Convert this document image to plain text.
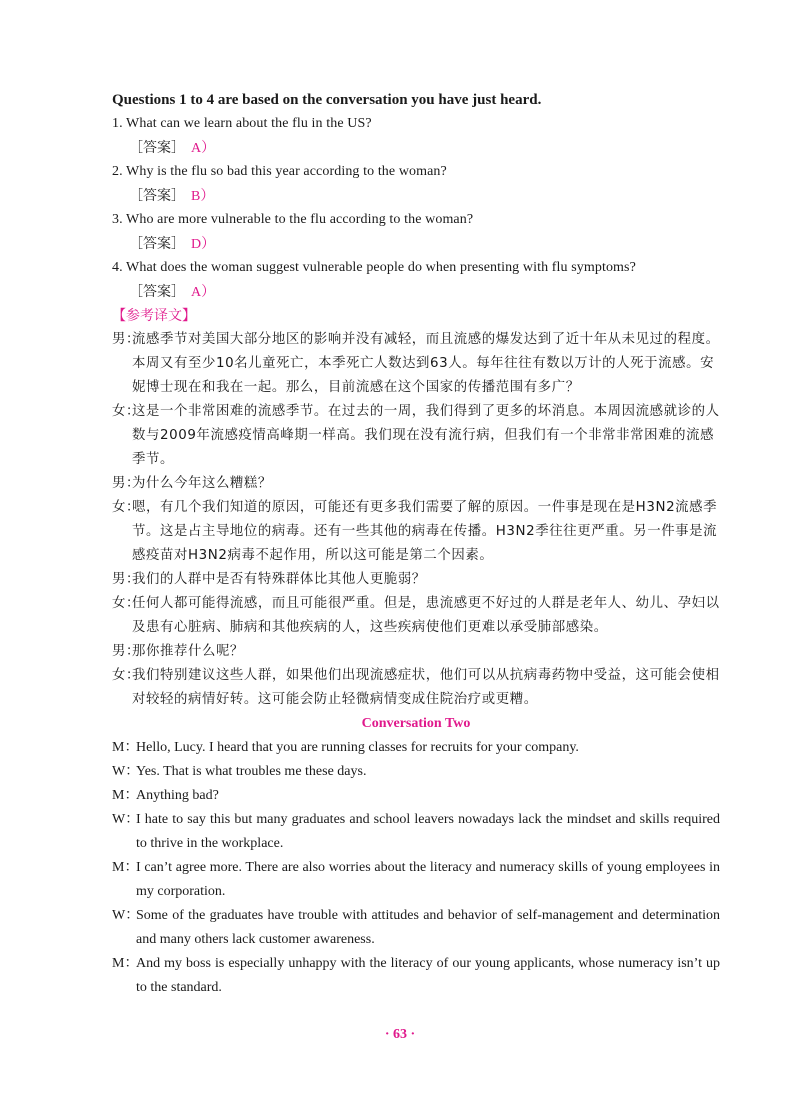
Questions 1 to 4 are based on the conversation you have just heard.
1. What can we learn about the flu in the US?
［答案］ A）
2. Why is the flu so bad this year according to the woman?
［答案］ B）
3. Who are more vulnerable to the flu according to the woman?
［答案］ D）
4. What does the woman suggest vulnerable people do when presenting with flu symptoms?
［答案］ A）
【参考译文】
男：
流感季节对美国大部分地区的影响并没有减轻，而且流感的爆发达到了近十年从未见过的程度。本周又有至少10名儿童死亡，本季死亡人数达到63人。每年往往有数以万计的人死于流感。安妮博士现在和我在一起。那么，目前流感在这个国家的传播范围有多广？
女：
这是一个非常困难的流感季节。在过去的一周，我们得到了更多的坏消息。本周因流感就诊的人数与2009年流感疫情高峰期一样高。我们现在没有流行病，但我们有一个非常非常困难的流感季节。
男：
为什么今年这么糟糕？
女：
嗯，有几个我们知道的原因，可能还有更多我们需要了解的原因。一件事是现在是H3N2流感季节。这是占主导地位的病毒。还有一些其他的病毒在传播。H3N2季往往更严重。另一件事是流感疫苗对H3N2病毒不起作用，所以这可能是第二个因素。
男：
我们的人群中是否有特殊群体比其他人更脆弱？
女：
任何人都可能得流感，而且可能很严重。但是，患流感更不好过的人群是老年人、幼儿、孕妇以及患有心脏病、肺病和其他疾病的人，这些疾病使他们更难以承受肺部感染。
男：
那你推荐什么呢？
女：
我们特别建议这些人群，如果他们出现流感症状，他们可以从抗病毒药物中受益，这可能会使相对较轻的病情好转。这可能会防止轻微病情变成住院治疗或更糟。
Conversation Two
M：
Hello, Lucy. I heard that you are running classes for recruits for your company.
W：
Yes. That is what troubles me these days.
M：
Anything bad?
W：
I hate to say this but many graduates and school leavers nowadays lack the mindset and skills required to thrive in the workplace.
M：
I can’t agree more. There are also worries about the literacy and numeracy skills of young employees in my corporation.
W：
Some of the graduates have trouble with attitudes and behavior of self-management and determination and many others lack customer awareness.
M：
And my boss is especially unhappy with the literacy of our young applicants, whose numeracy isn’t up to the standard.
· 63 ·
